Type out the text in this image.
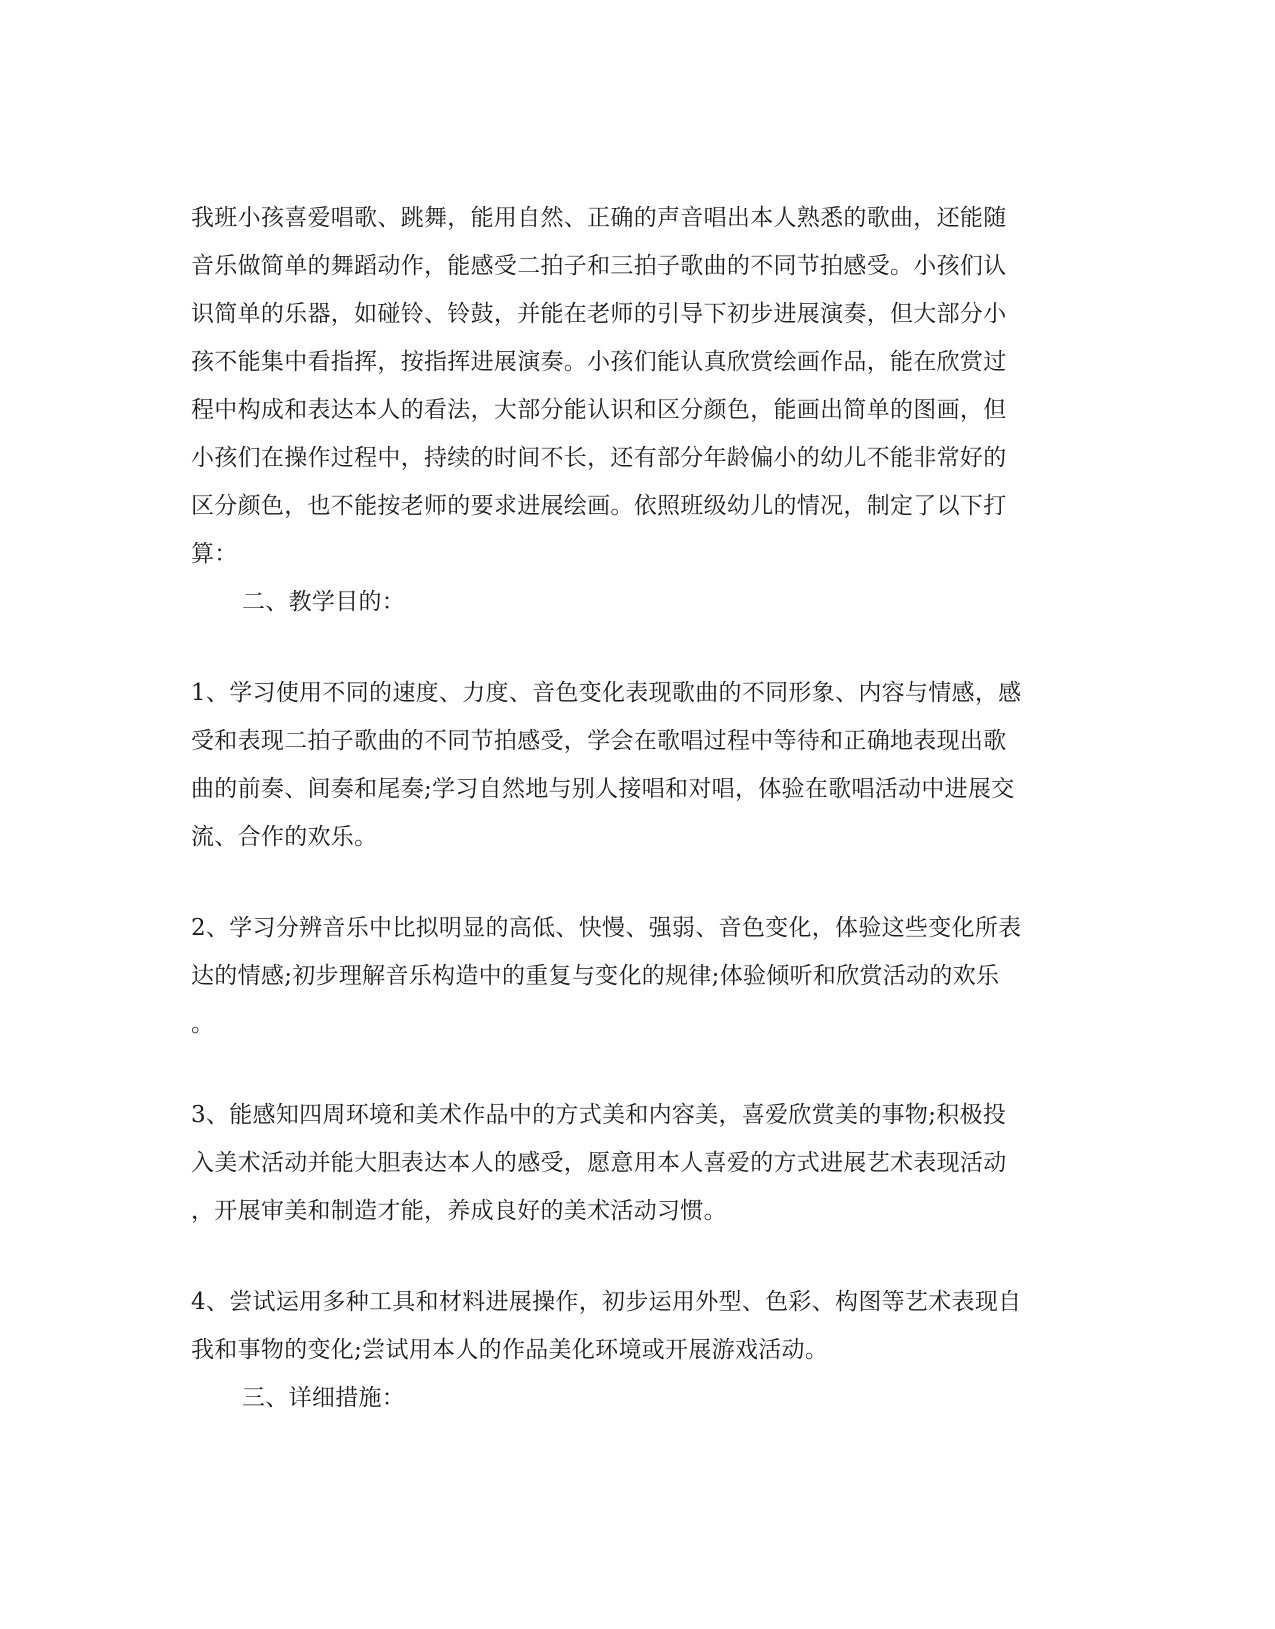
我班小孩喜爱唱歌、跳舞，能用自然、正确的声音唱出本人熟悉的歌曲，还能随
音乐做简单的舞蹈动作，能感受二拍子和三拍子歌曲的不同节拍感受。小孩们认
识简单的乐器，如碰铃、铃鼓，并能在老师的引导下初步进展演奏，但大部分小
孩不能集中看指挥，按指挥进展演奏。小孩们能认真欣赏绘画作品，能在欣赏过
程中构成和表达本人的看法，大部分能认识和区分颜色，能画出简单的图画，但
小孩们在操作过程中，持续的时间不长，还有部分年龄偏小的幼儿不能非常好的
区分颜色，也不能按老师的要求进展绘画。依照班级幼儿的情况，制定了以下打
算：
二、教学目的：
1、学习使用不同的速度、力度、音色变化表现歌曲的不同形象、内容与情感，感
受和表现二拍子歌曲的不同节拍感受，学会在歌唱过程中等待和正确地表现出歌
曲的前奏、间奏和尾奏;学习自然地与别人接唱和对唱，体验在歌唱活动中进展交
流、合作的欢乐。
2、学习分辨音乐中比拟明显的高低、快慢、强弱、音色变化，体验这些变化所表
达的情感;初步理解音乐构造中的重复与变化的规律;体验倾听和欣赏活动的欢乐
。
3、能感知四周环境和美术作品中的方式美和内容美，喜爱欣赏美的事物;积极投
入美术活动并能大胆表达本人的感受，愿意用本人喜爱的方式进展艺术表现活动
，开展审美和制造才能，养成良好的美术活动习惯。
4、尝试运用多种工具和材料进展操作，初步运用外型、色彩、构图等艺术表现自
我和事物的变化;尝试用本人的作品美化环境或开展游戏活动。
三、详细措施：
